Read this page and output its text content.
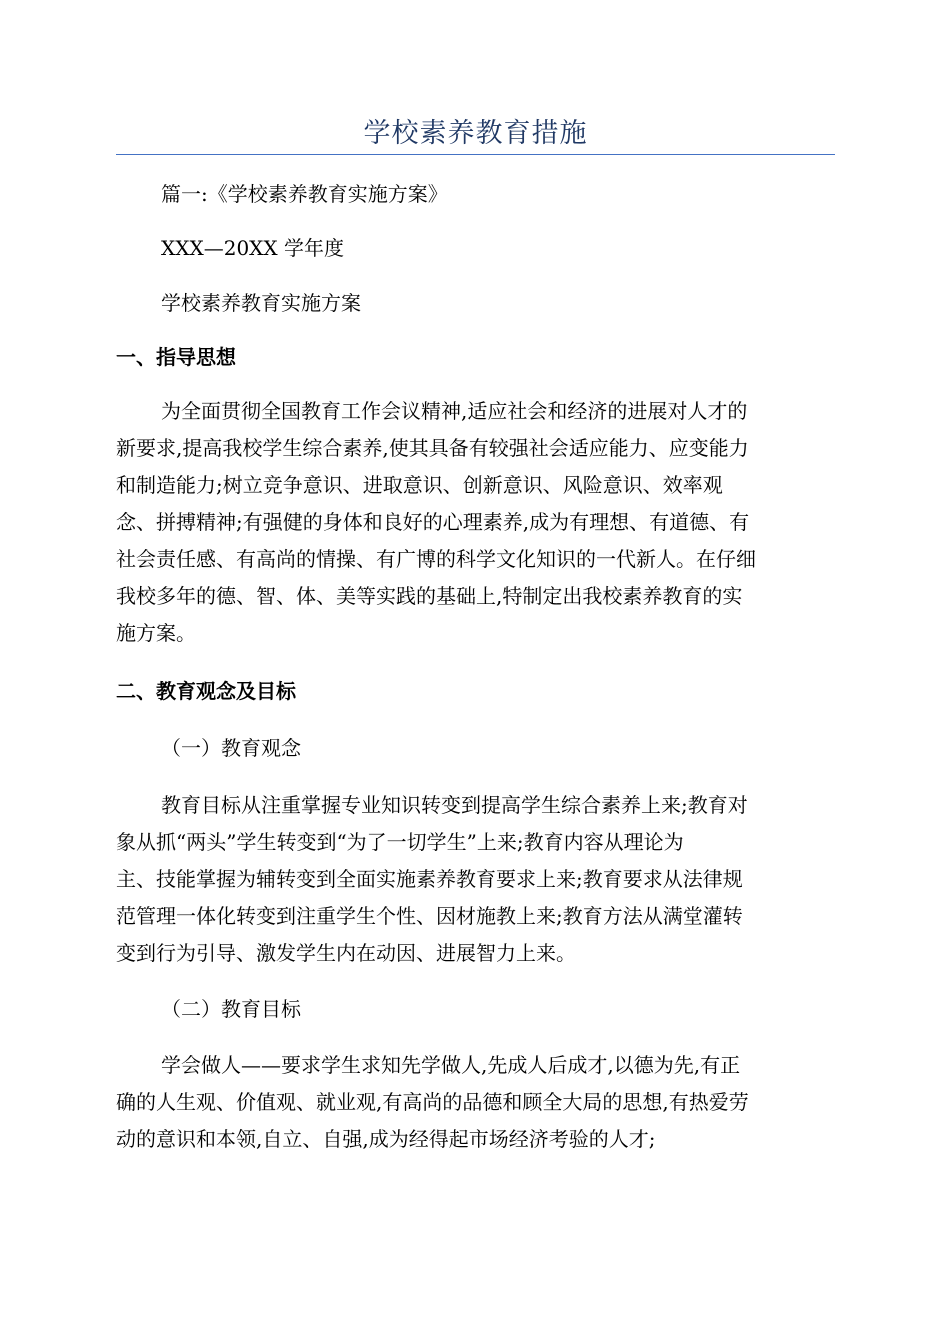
学校素养教育措施
篇一:《学校素养教育实施方案》
XXX—20XX 学年度
学校素养教育实施方案
一、指导思想
为全面贯彻全国教育工作会议精神,适应社会和经济的进展对人才的
新要求,提高我校学生综合素养,使其具备有较强社会适应能力、应变能力
和制造能力;树立竞争意识、进取意识、创新意识、风险意识、效率观
念、拼搏精神;有强健的身体和良好的心理素养,成为有理想、有道德、有
社会责任感、有高尚的情操、有广博的科学文化知识的一代新人。在仔细
我校多年的德、智、体、美等实践的基础上,特制定出我校素养教育的实
施方案。
二、教育观念及目标
（一）教育观念
教育目标从注重掌握专业知识转变到提高学生综合素养上来;教育对
象从抓“两头”学生转变到“为了一切学生”上来;教育内容从理论为
主、技能掌握为辅转变到全面实施素养教育要求上来;教育要求从法律规
范管理一体化转变到注重学生个性、因材施教上来;教育方法从满堂灌转
变到行为引导、激发学生内在动因、进展智力上来。
（二）教育目标
学会做人——要求学生求知先学做人,先成人后成才,以德为先,有正
确的人生观、价值观、就业观,有高尚的品德和顾全大局的思想,有热爱劳
动的意识和本领,自立、自强,成为经得起市场经济考验的人才;
